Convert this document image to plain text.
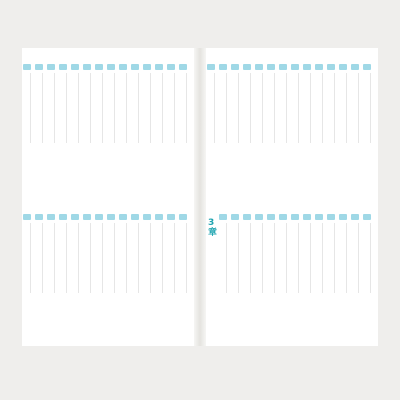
3 章
